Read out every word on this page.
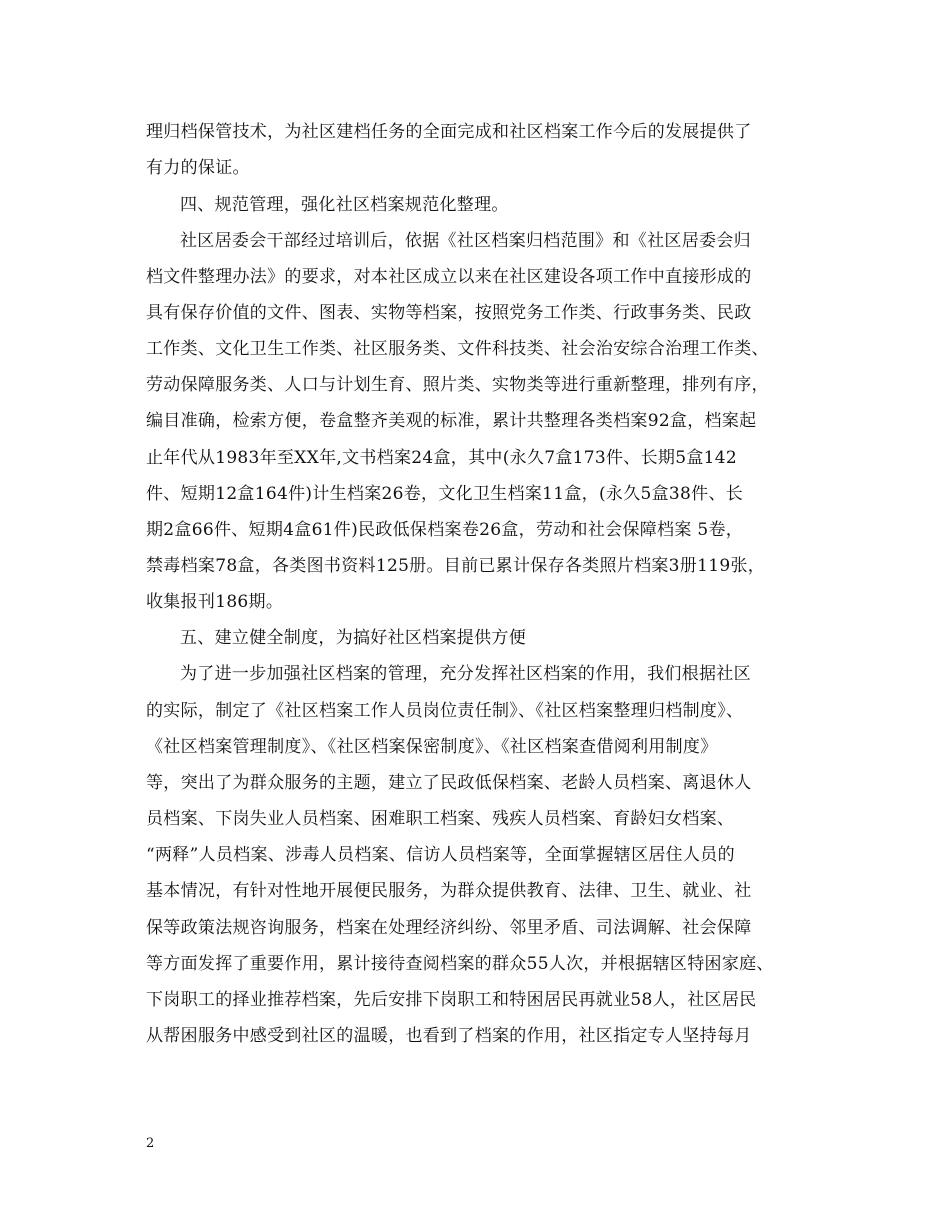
理归档保管技术，为社区建档任务的全面完成和社区档案工作今后的发展提供了
有力的保证。
四、规范管理，强化社区档案规范化整理。
社区居委会干部经过培训后，依据《社区档案归档范围》和《社区居委会归
档文件整理办法》的要求，对本社区成立以来在社区建设各项工作中直接形成的
具有保存价值的文件、图表、实物等档案，按照党务工作类、行政事务类、民政
工作类、文化卫生工作类、社区服务类、文件科技类、社会治安综合治理工作类、
劳动保障服务类、人口与计划生育、照片类、实物类等进行重新整理，排列有序，
编目准确，检索方便，卷盒整齐美观的标准，累计共整理各类档案92盒，档案起
止年代从1983年至XX年,文书档案24盒，其中(永久7盒173件、长期5盒142
件、短期12盒164件)计生档案26卷，文化卫生档案11盒，(永久5盒38件、长
期2盒66件、短期4盒61件)民政低保档案卷26盒，劳动和社会保障档案 5卷，
禁毒档案78盒，各类图书资料125册。目前已累计保存各类照片档案3册119张，
收集报刊186期。
五、建立健全制度，为搞好社区档案提供方便
为了进一步加强社区档案的管理，充分发挥社区档案的作用，我们根据社区
的实际，制定了《社区档案工作人员岗位责任制》、《社区档案整理归档制度》、
《社区档案管理制度》、《社区档案保密制度》、《社区档案查借阅利用制度》
等，突出了为群众服务的主题，建立了民政低保档案、老龄人员档案、离退休人
员档案、下岗失业人员档案、困难职工档案、残疾人员档案、育龄妇女档案、
“两释”人员档案、涉毒人员档案、信访人员档案等，全面掌握辖区居住人员的
基本情况，有针对性地开展便民服务，为群众提供教育、法律、卫生、就业、社
保等政策法规咨询服务，档案在处理经济纠纷、邻里矛盾、司法调解、社会保障
等方面发挥了重要作用，累计接待查阅档案的群众55人次，并根据辖区特困家庭、
下岗职工的择业推荐档案，先后安排下岗职工和特困居民再就业58人，社区居民
从帮困服务中感受到社区的温暖，也看到了档案的作用，社区指定专人坚持每月
2
